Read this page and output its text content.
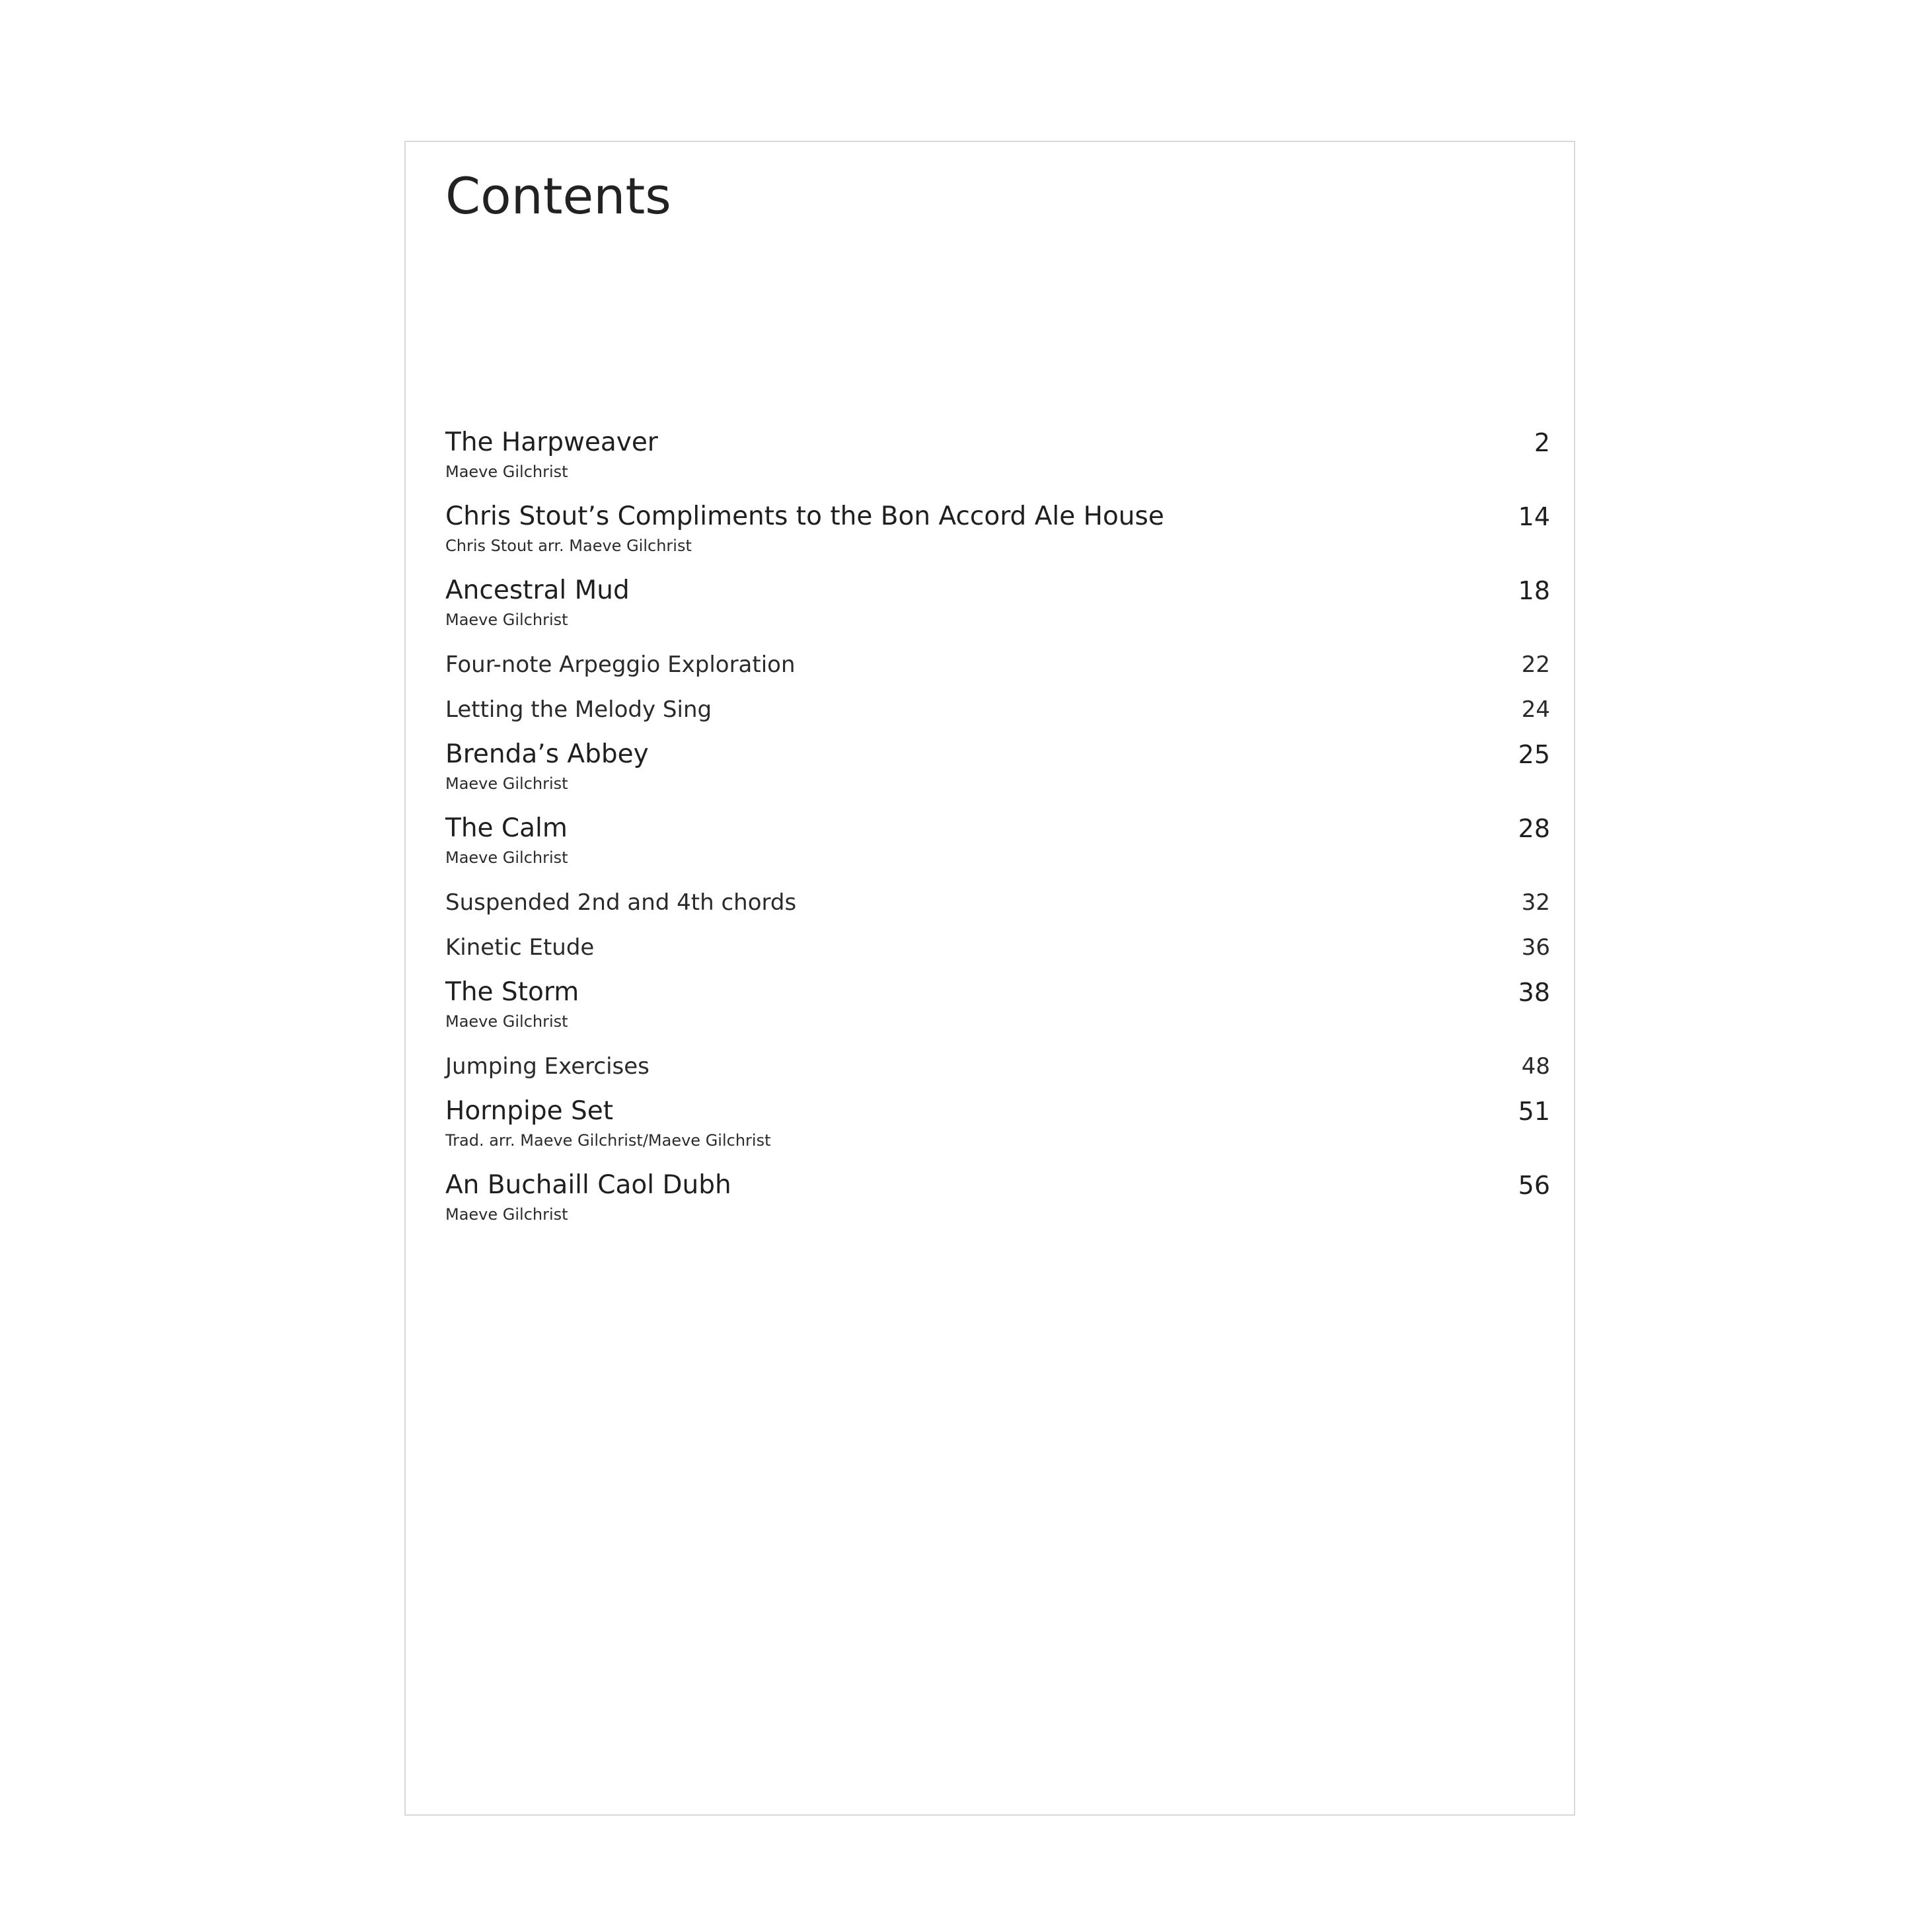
Contents
The Harpweaver	2
Maeve Gilchrist
Chris Stout’s Compliments to the Bon Accord Ale House	14
Chris Stout arr. Maeve Gilchrist
Ancestral Mud	18
Maeve Gilchrist
Four-note Arpeggio Exploration	22
Letting the Melody Sing	24
Brenda’s Abbey	25
Maeve Gilchrist
The Calm	28
Maeve Gilchrist
Suspended 2nd and 4th chords	32
Kinetic Etude	36
The Storm	38
Maeve Gilchrist
Jumping Exercises	48
Hornpipe Set	51
Trad. arr. Maeve Gilchrist/Maeve Gilchrist
An Buchaill Caol Dubh	56
Maeve Gilchrist
